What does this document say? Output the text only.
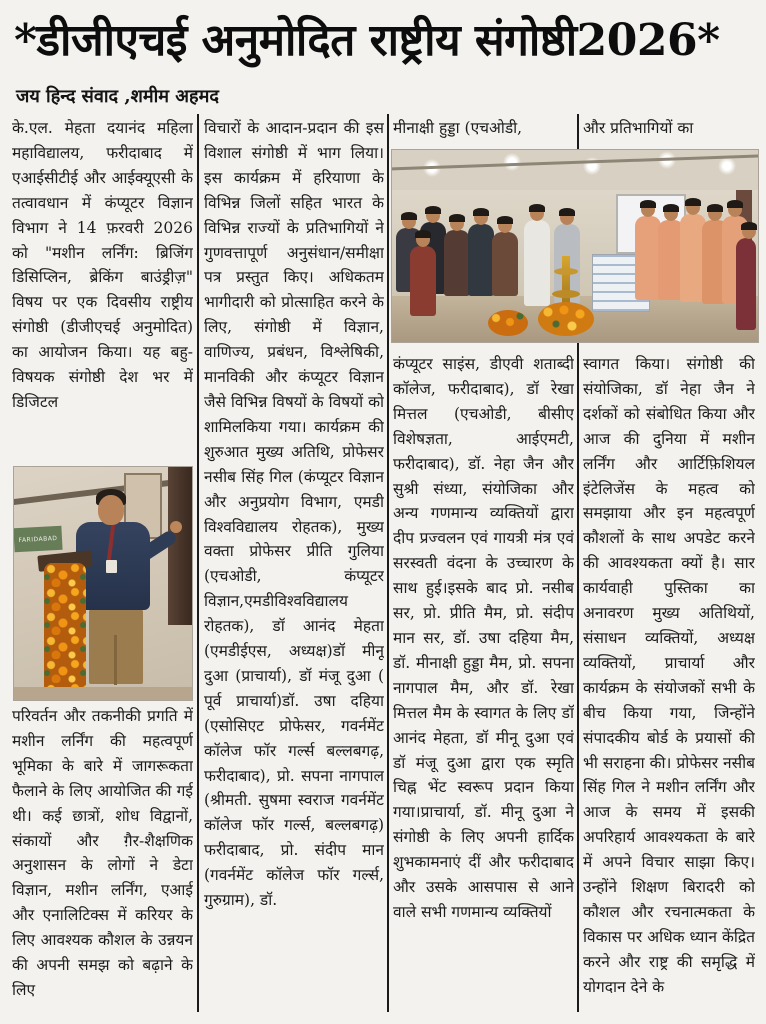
*डीजीएचई अनुमोदित राष्ट्रीय संगोष्ठी2026*
जय हिन्द संवाद ,शमीम अहमद

के.एल. मेहता दयानंद महिला महाविद्यालय, फरीदाबाद में एआईसीटीई और आईक्यूएसी के तत्वावधान में कंप्यूटर विज्ञान विभाग ने 14 फ़रवरी 2026 को "मशीन लर्निंग: ब्रिजिंग डिसिप्लिन, ब्रेकिंग बाउंड्रीज़" विषय पर एक दिवसीय राष्ट्रीय संगोष्ठी (डीजीएचई अनुमोदित) का आयोजन किया। यह बहु-विषयक संगोष्ठी देश भर में डिजिटल

FARIDABAD

परिवर्तन और तकनीकी प्रगति में मशीन लर्निंग की महत्वपूर्ण भूमिका के बारे में जागरूकता फैलाने के लिए आयोजित की गई थी। कई छात्रों, शोध विद्वानों, संकायों और ग़ैर-शैक्षणिक अनुशासन के लोगों ने डेटा विज्ञान, मशीन लर्निंग, एआई और एनालिटिक्स में करियर के लिए आवश्यक कौशल के उन्नयन की अपनी समझ को बढ़ाने के लिए

विचारों के आदान-प्रदान की इस विशाल संगोष्ठी में भाग लिया। इस कार्यक्रम में हरियाणा के विभिन्न जिलों सहित भारत के विभिन्न राज्यों के प्रतिभागियों ने गुणवत्तापूर्ण अनुसंधान/समीक्षा पत्र प्रस्तुत किए। अधिकतम भागीदारी को प्रोत्साहित करने के लिए, संगोष्ठी में विज्ञान, वाणिज्य, प्रबंधन, विश्लेषिकी, मानविकी और कंप्यूटर विज्ञान जैसे विभिन्न विषयों के विषयों को शामिलकिया गया। कार्यक्रम की शुरुआत मुख्य अतिथि, प्रोफेसर नसीब सिंह गिल (कंप्यूटर विज्ञान और अनुप्रयोग विभाग, एमडी विश्वविद्यालय रोहतक), मुख्य वक्ता प्रोफेसर प्रीति गुलिया (एचओडी, कंप्यूटर विज्ञान,एमडीविश्वविद्यालय रोहतक), डॉ आनंद मेहता (एमडीईएस, अध्यक्ष)डॉ मीनू दुआ (प्राचार्या), डॉ मंजू दुआ ( पूर्व प्राचार्या)डॉ. उषा दहिया (एसोसिएट प्रोफेसर, गवर्नमेंट कॉलेज फॉर गर्ल्स बल्लबगढ़, फरीदाबाद), प्रो. सपना नागपाल (श्रीमती. सुषमा स्वराज गवर्नमेंट कॉलेज फॉर गर्ल्स, बल्लबगढ़) फरीदाबाद, प्रो. संदीप मान (गवर्नमेंट कॉलेज फॉर गर्ल्स, गुरुग्राम), डॉ.

मीनाक्षी हुड्डा (एचओडी,

कंप्यूटर साइंस, डीएवी शताब्दी कॉलेज, फरीदाबाद), डॉ रेखा मित्तल (एचओडी, बीसीए विशेषज्ञता, आईएमटी, फरीदाबाद), डॉ. नेहा जैन और सुश्री संध्या, संयोजिका और अन्य गणमान्य व्यक्तियों द्वारा दीप प्रज्वलन एवं गायत्री मंत्र एवं सरस्वती वंदना के उच्चारण के साथ हुई।इसके बाद प्रो. नसीब सर, प्रो. प्रीति मैम, प्रो. संदीप मान सर, डॉ. उषा दहिया मैम, डॉ. मीनाक्षी हुड्डा मैम, प्रो. सपना नागपाल मैम, और डॉ. रेखा मित्तल मैम के स्वागत के लिए डॉ आनंद मेहता, डॉ मीनू दुआ एवं डॉ मंजू दुआ द्वारा एक स्मृति चिह्न भेंट स्वरूप प्रदान किया गया।प्राचार्या, डॉ. मीनू दुआ ने संगोष्ठी के लिए अपनी हार्दिक शुभकामनाएं दीं और फरीदाबाद और उसके आसपास से आने वाले सभी गणमान्य व्यक्तियों

और प्रतिभागियों का

स्वागत किया। संगोष्ठी की संयोजिका, डॉ नेहा जैन ने दर्शकों को संबोधित किया और आज की दुनिया में मशीन लर्निंग और आर्टिफ़िशियल इंटेलिजेंस के महत्व को समझाया और इन महत्वपूर्ण कौशलों के साथ अपडेट करने की आवश्यकता क्यों है। सार कार्यवाही पुस्तिका का अनावरण मुख्य अतिथियों, संसाधन व्यक्तियों, अध्यक्ष व्यक्तियों, प्राचार्या और कार्यक्रम के संयोजकों सभी के बीच किया गया, जिन्होंने संपादकीय बोर्ड के प्रयासों की भी सराहना की। प्रोफेसर नसीब सिंह गिल ने मशीन लर्निंग और आज के समय में इसकी अपरिहार्य आवश्यकता के बारे में अपने विचार साझा किए। उन्होंने शिक्षण बिरादरी को कौशल और रचनात्मकता के विकास पर अधिक ध्यान केंद्रित करने और राष्ट्र की समृद्धि में योगदान देने के
